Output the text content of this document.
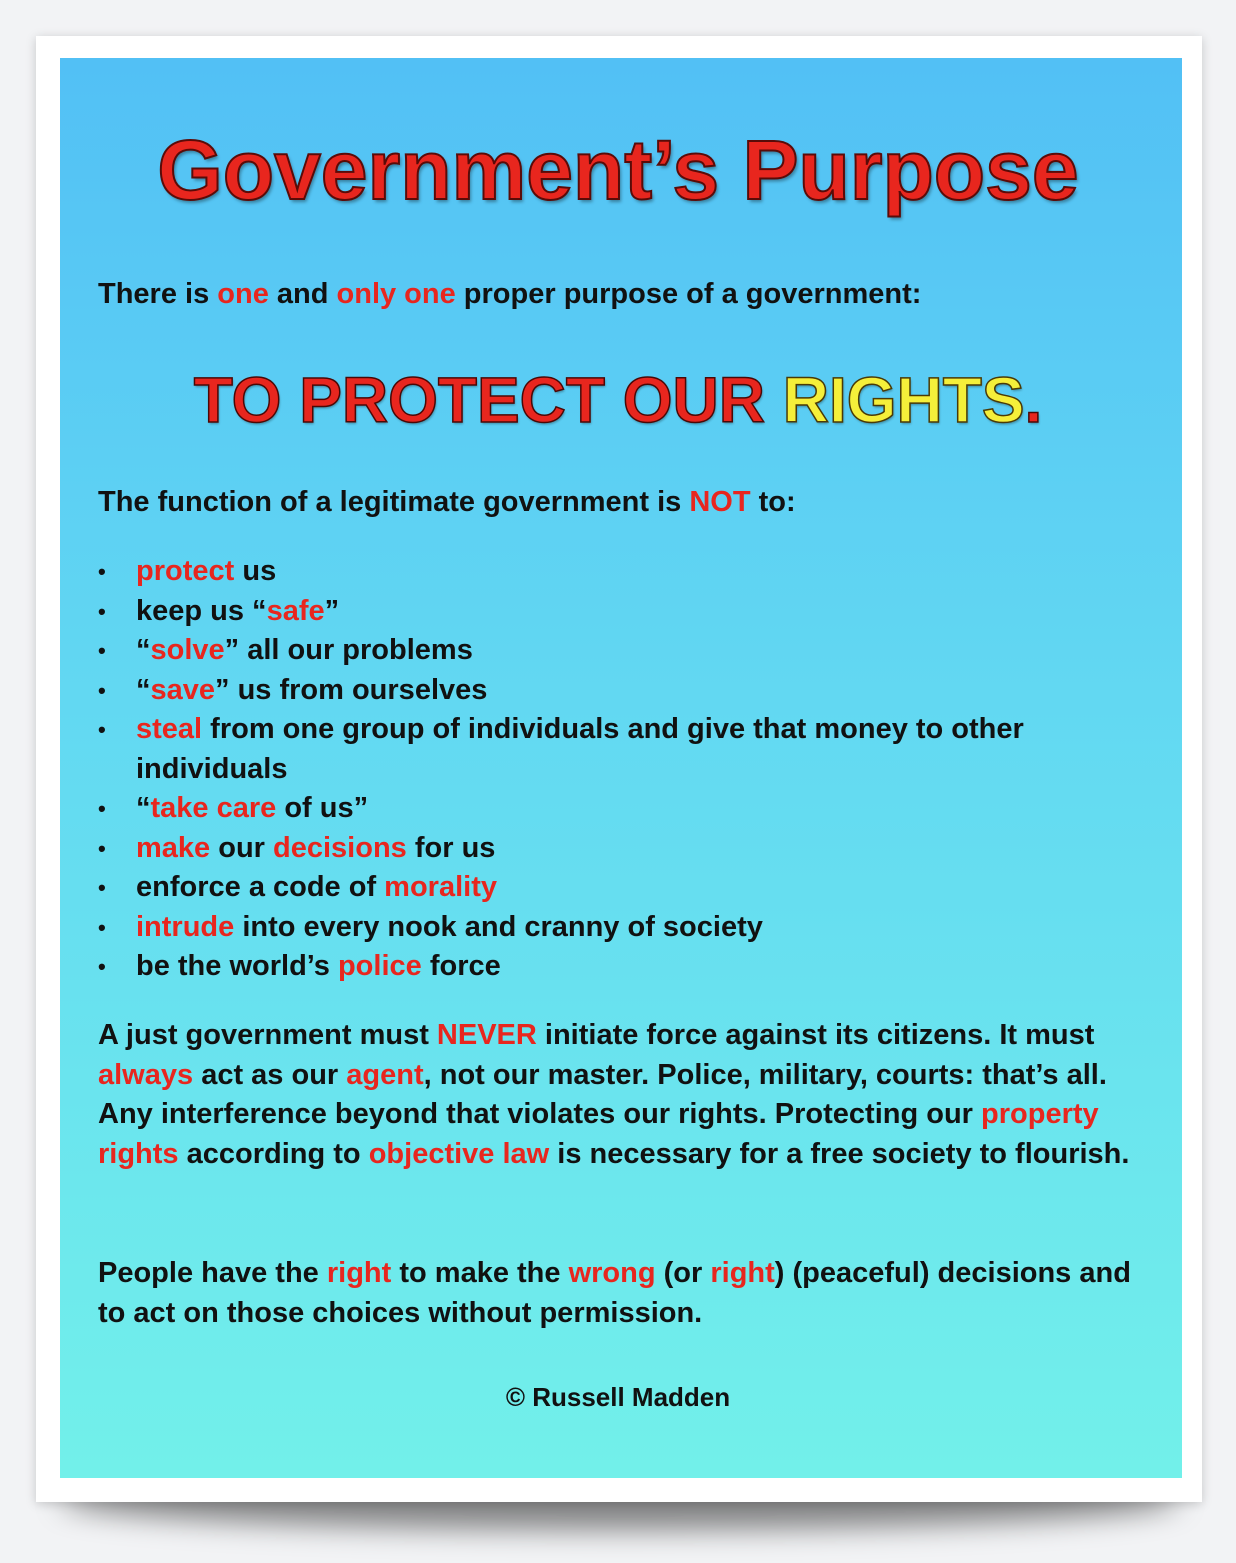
Government’s Purpose
There is one and only one proper purpose of a government:
TO PROTECT OUR RIGHTS.
The function of a legitimate government is NOT to:
• protect us
• keep us “safe”
• “solve” all our problems
• “save” us from ourselves
• steal from one group of individuals and give that money to other individuals
• “take care of us”
• make our decisions for us
• enforce a code of morality
• intrude into every nook and cranny of society
• be the world’s police force
A just government must NEVER initiate force against its citizens. It must always act as our agent, not our master. Police, military, courts: that’s all. Any interference beyond that violates our rights. Protecting our property rights according to objective law is necessary for a free society to flourish.
People have the right to make the wrong (or right) (peaceful) decisions and to act on those choices without permission.
© Russell Madden
